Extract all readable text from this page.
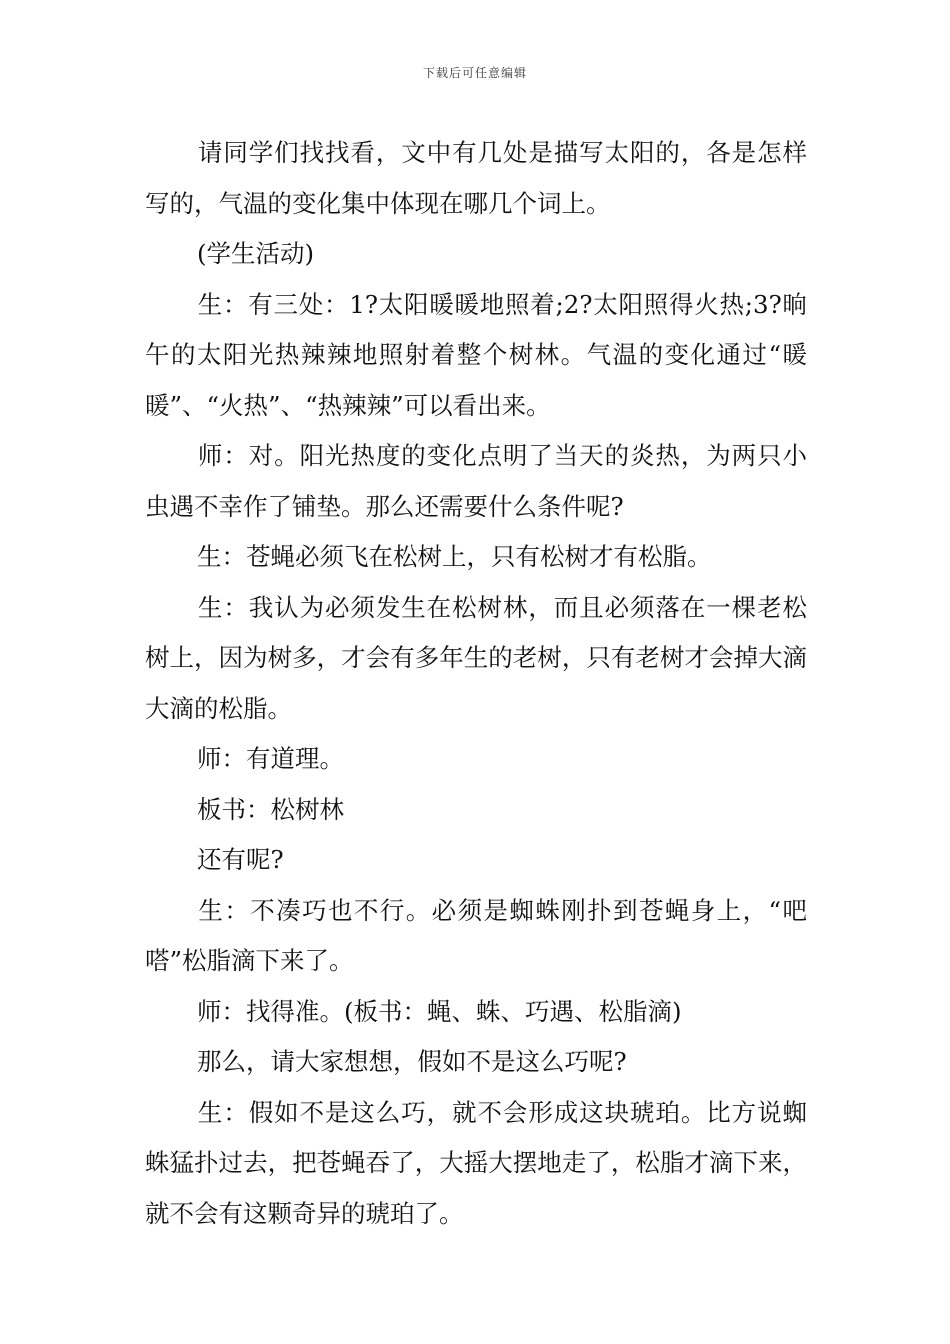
下载后可任意编辑

请同学们找找看，文中有几处是描写太阳的，各是怎样写的，气温的变化集中体现在哪几个词上。

(学生活动)

生：有三处：1?太阳暖暖地照着;2?太阳照得火热;3?晌午的太阳光热辣辣地照射着整个树林。气温的变化通过“暖暖”、“火热”、“热辣辣”可以看出来。

师：对。阳光热度的变化点明了当天的炎热，为两只小虫遇不幸作了铺垫。那么还需要什么条件呢?

生：苍蝇必须飞在松树上，只有松树才有松脂。

生：我认为必须发生在松树林，而且必须落在一棵老松树上，因为树多，才会有多年生的老树，只有老树才会掉大滴大滴的松脂。

师：有道理。

板书：松树林

还有呢?

生：不凑巧也不行。必须是蜘蛛刚扑到苍蝇身上，“吧嗒”松脂滴下来了。

师：找得准。(板书：蝇、蛛、巧遇、松脂滴)

那么，请大家想想，假如不是这么巧呢?

生：假如不是这么巧，就不会形成这块琥珀。比方说蜘蛛猛扑过去，把苍蝇吞了，大摇大摆地走了，松脂才滴下来，就不会有这颗奇异的琥珀了。
